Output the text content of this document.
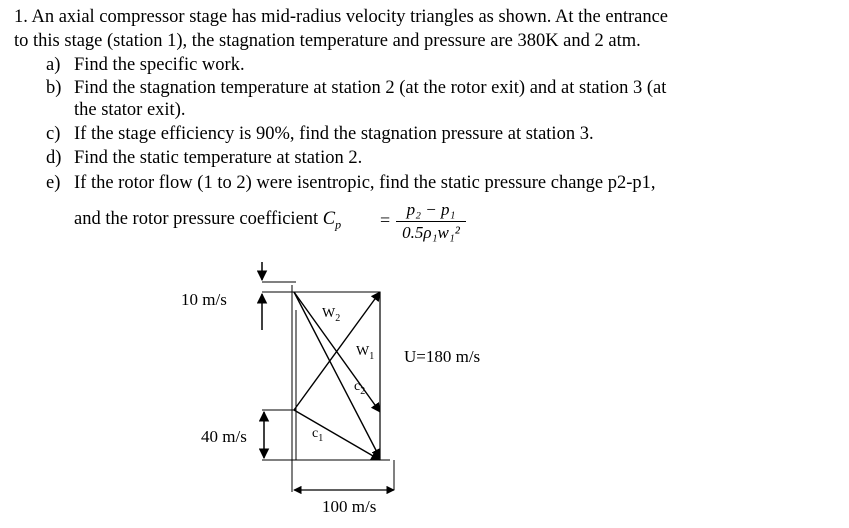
1. An axial compressor stage has mid-radius velocity triangles as shown. At the entrance
to this stage (station 1), the stagnation temperature and pressure are 380K and 2 atm.
a) Find the specific work.
b) Find the stagnation temperature at station 2 (at the rotor exit) and at station 3 (at
the stator exit).
c) If the stage efficiency is 90%, find the stagnation pressure at station 3.
d) Find the static temperature at station 2.
e) If the rotor flow (1 to 2) were isentropic, find the static pressure change p2-p1,
and the rotor pressure coefficient $C_p = \frac{\text{p₂ − p₁}}{\text{0.5ρ₁w₁²}}$
10 m/s
40 m/s
U=180 m/s
100 m/s
$W_2$
$W_1$
$c_2$
$c_1$
